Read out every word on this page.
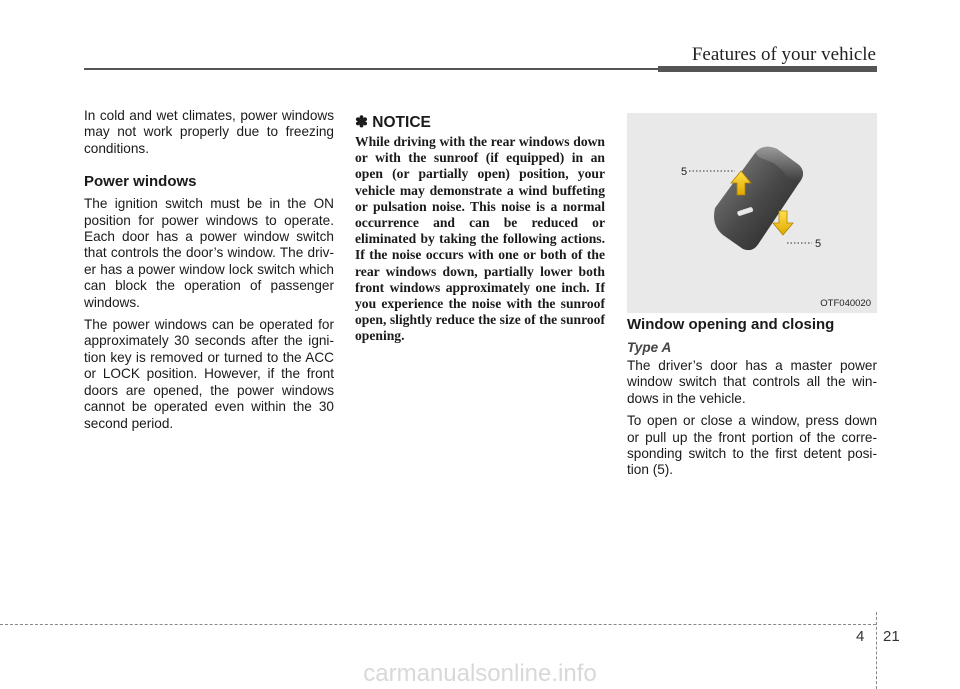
Features of your vehicle

In cold and wet climates, power windows may not work properly due to freezing conditions.

Power windows

The ignition switch must be in the ON position for power windows to operate. Each door has a power window switch that controls the door’s window. The driver has a power window lock switch which can block the operation of passenger windows.

The power windows can be operated for approximately 30 seconds after the ignition key is removed or turned to the ACC or LOCK position. However, if the front doors are opened, the power windows cannot be operated even within the 30 second period.

✽ NOTICE

While driving with the rear windows down or with the sunroof (if equipped) in an open (or partially open) position, your vehicle may demonstrate a wind buffeting or pulsation noise. This noise is a normal occurrence and can be reduced or eliminated by taking the following actions. If the noise occurs with one or both of the rear windows down, partially lower both front windows approximately one inch. If you experience the noise with the sunroof open, slightly reduce the size of the sunroof opening.

5
5
OTF040020
Window opening and closing
Type A

The driver’s door has a master power window switch that controls all the windows in the vehicle.

To open or close a window, press down or pull up the front portion of the corresponding switch to the first detent position (5).

4 21
carmanualsonline.info
